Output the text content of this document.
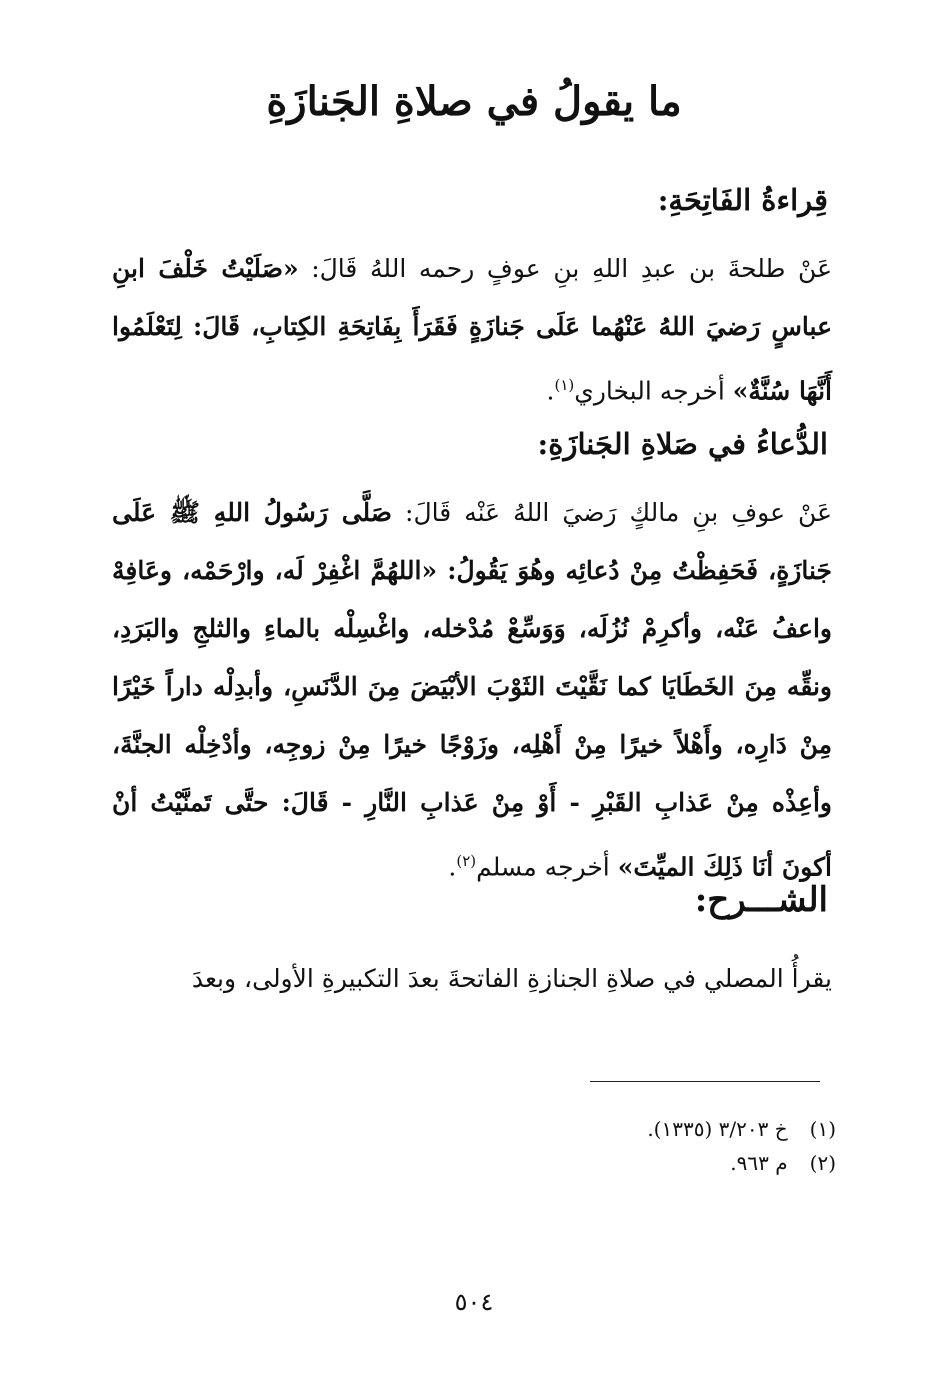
ما يقولُ في صلاةِ الجَنازَةِ
قِراءةُ الفَاتِحَةِ:

عَنْ طلحةَ بن عبدِ اللهِ بنِ عوفٍ رحمه اللهُ قَالَ: «صَلَيْتُ خَلْفَ ابنِ عباسٍ رَضيَ اللهُ عَنْهُما عَلَى جَنازَةٍ فَقَرَأَ بِفَاتِحَةِ الكِتابِ، قَالَ: لِتَعْلَمُوا أَنَّهَا سُنَّةٌ» أخرجه البخاري$^{(١)}$.

الدُّعاءُ في صَلاةِ الجَنازَةِ:

عَنْ عوفِ بنِ مالكٍ رَضيَ اللهُ عَنْه قَالَ: صَلَّى رَسُولُ اللهِ ﷺ عَلَى جَنازَةٍ، فَحَفِظْتُ مِنْ دُعائِه وهُوَ يَقُولُ: «اللهُمَّ اغْفِرْ لَه، وارْحَمْه، وعَافِهْ واعفُ عَنْه، وأكرِمْ نُزُلَه، وَوَسِّعْ مُدْخله، واغْسِلْه بالماءِ والثلجِ والبَرَدِ، ونقِّه مِنَ الخَطَايَا كما نَقَّيْتَ الثَوْبَ الأبْيَضَ مِنَ الدَّنَسِ، وأبدِلْه داراً خَيْرًا مِنْ دَارِه، وأَهْلاً خيرًا مِنْ أَهْلِه، وزَوْجًا خيرًا مِنْ زوجِه، وأدْخِلْه الجنَّةَ، وأعِذْه مِنْ عَذابِ القَبْرِ - أَوْ مِنْ عَذابِ النَّارِ - قَالَ: حتَّى تَمنَّيْتُ أنْ أكونَ أنَا ذَلِكَ الميِّتَ» أخرجه مسلم$^{(٢)}$.

الشـــرح:

يقرأُ المصلي في صلاةِ الجنازةِ الفاتحةَ بعدَ التكبيرةِ الأولى، وبعدَ

(١)خ ٣/٢٠٣ (١٣٣٥).
(٢)م ٩٦٣.
٥٠٤
